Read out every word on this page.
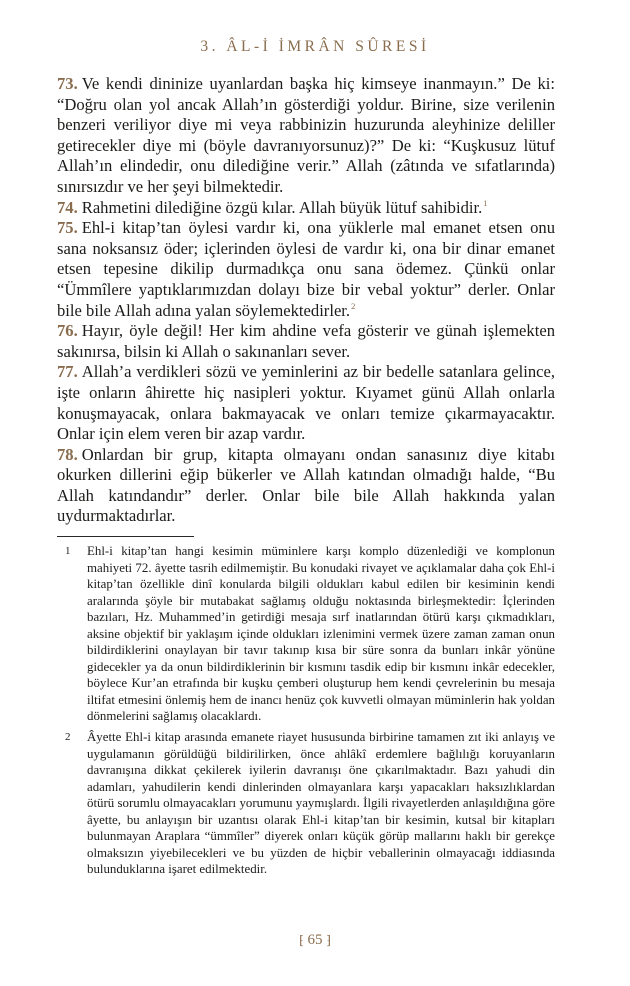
3. ÂL-İ İMRÂN SÛRESİ

73. Ve kendi dininize uyanlardan başka hiç kimseye inanmayın.” De ki: “Doğru olan yol ancak Allah’ın gösterdiği yoldur. Birine, size verilenin benzeri veriliyor diye mi veya rabbinizin huzurunda aleyhinize deliller getirecekler diye mi (böyle davranıyorsunuz)?” De ki: “Kuşkusuz lütuf Allah’ın elindedir, onu dilediğine verir.” Allah (zâtında ve sıfatlarında) sınırsızdır ve her şeyi bilmektedir.

74. Rahmetini dilediğine özgü kılar. Allah büyük lütuf sahibidir.$^1$

75. Ehl-i kitap’tan öylesi vardır ki, ona yüklerle mal emanet etsen onu sana noksansız öder; içlerinden öylesi de vardır ki, ona bir dinar emanet etsen tepesine dikilip durmadıkça onu sana ödemez. Çünkü onlar “Ümmîlere yaptıklarımızdan dolayı bize bir vebal yoktur” derler. Onlar bile bile Allah adına yalan söylemektedirler.$^2$

76. Hayır, öyle değil! Her kim ahdine vefa gösterir ve günah işlemekten sakınırsa, bilsin ki Allah o sakınanları sever.

77. Allah’a verdikleri sözü ve yeminlerini az bir bedelle satanlara gelince, işte onların âhirette hiç nasipleri yoktur. Kıyamet günü Allah onlarla konuşmayacak, onlara bakmayacak ve onları temize çıkarmayacaktır. Onlar için elem veren bir azap vardır.

78. Onlardan bir grup, kitapta olmayanı ondan sanasınız diye kitabı okurken dillerini eğip bükerler ve Allah katından olmadığı halde, “Bu Allah katındandır” derler. Onlar bile bile Allah hakkında yalan uydurmaktadırlar.

1	Ehl-i kitap’tan hangi kesimin müminlere karşı komplo düzenlediği ve komplonun mahiyeti 72. âyette tasrih edilmemiştir. Bu konudaki rivayet ve açıklamalar daha çok Ehl-i kitap’tan özellikle dinî konularda bilgili oldukları kabul edilen bir kesiminin kendi aralarında şöyle bir mutabakat sağlamış olduğu noktasında birleşmektedir: İçlerinden bazıları, Hz. Muhammed’in getirdiği mesaja sırf inatlarından ötürü karşı çıkmadıkları, aksine objektif bir yaklaşım içinde oldukları izlenimini vermek üzere zaman zaman onun bildirdiklerini onaylayan bir tavır takınıp kısa bir süre sonra da bunları inkâr yönüne gidecekler ya da onun bildirdiklerinin bir kısmını tasdik edip bir kısmını inkâr edecekler, böylece Kur’an etrafında bir kuşku çemberi oluşturup hem kendi çevrelerinin bu mesaja iltifat etmesini önlemiş hem de inancı henüz çok kuvvetli olmayan müminlerin hak yoldan dönmelerini sağlamış olacaklardı.
2	Âyette Ehl-i kitap arasında emanete riayet hususunda birbirine tamamen zıt iki anlayış ve uygulamanın görüldüğü bildirilirken, önce ahlâkî erdemlere bağlılığı koruyanların davranışına dikkat çekilerek iyilerin davranışı öne çıkarılmaktadır. Bazı yahudi din adamları, yahudilerin kendi dinlerinden olmayanlara karşı yapacakları haksızlıklardan ötürü sorumlu olmayacakları yorumunu yaymışlardı. İlgili rivayetlerden anlaşıldığına göre âyette, bu anlayışın bir uzantısı olarak Ehl-i kitap’tan bir kesimin, kutsal bir kitapları bulunmayan Araplara “ümmîler” diyerek onları küçük görüp mallarını haklı bir gerekçe olmaksızın yiyebilecekleri ve bu yüzden de hiçbir veballerinin olmayacağı iddiasında bulunduklarına işaret edilmektedir.
⁅ 65 ⁆
